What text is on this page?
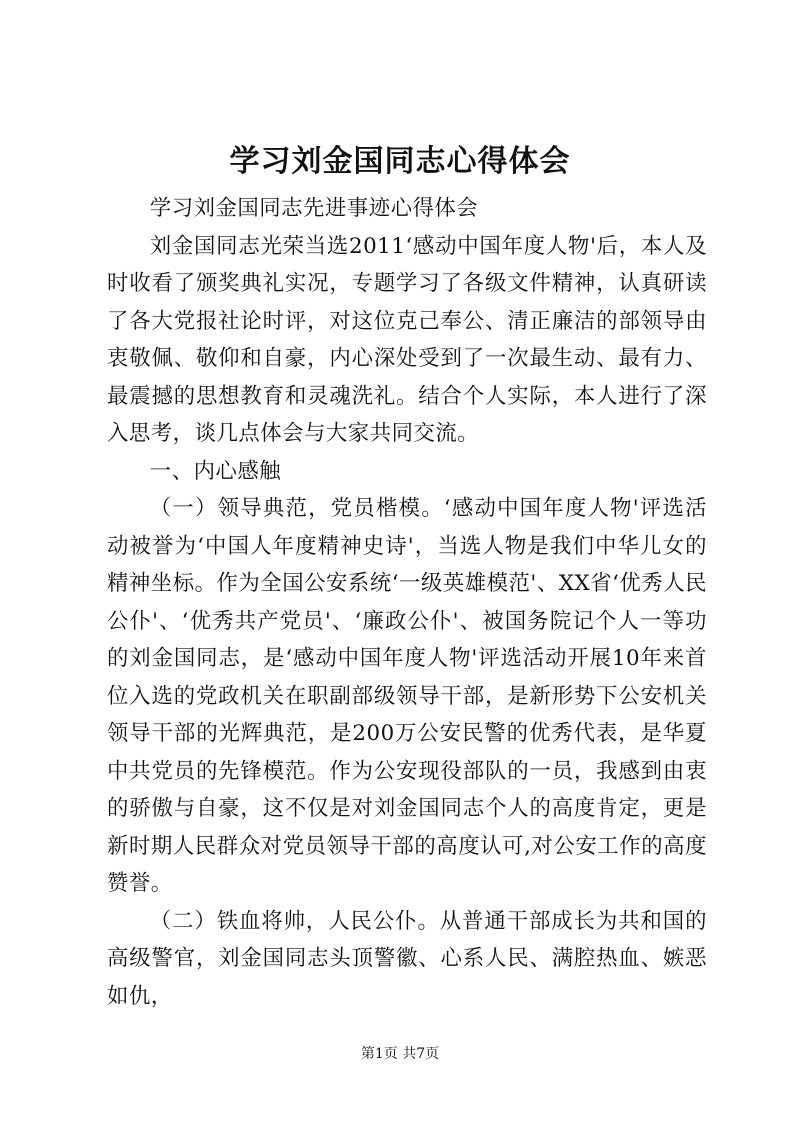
学习刘金国同志心得体会

学习刘金国同志先进事迹心得体会

刘金国同志光荣当选2011‘感动中国年度人物'后，本人及时收看了颁奖典礼实况，专题学习了各级文件精神，认真研读了各大党报社论时评，对这位克己奉公、清正廉洁的部领导由衷敬佩、敬仰和自豪，内心深处受到了一次最生动、最有力、最震撼的思想教育和灵魂洗礼。结合个人实际，本人进行了深入思考，谈几点体会与大家共同交流。

一、内心感触

（一）领导典范，党员楷模。‘感动中国年度人物'评选活动被誉为‘中国人年度精神史诗'，当选人物是我们中华儿女的精神坐标。作为全国公安系统‘一级英雄模范'、XX省‘优秀人民公仆'、‘优秀共产党员'、‘廉政公仆'、被国务院记个人一等功的刘金国同志，是‘感动中国年度人物'评选活动开展10年来首位入选的党政机关在职副部级领导干部，是新形势下公安机关领导干部的光辉典范，是200万公安民警的优秀代表，是华夏中共党员的先锋模范。作为公安现役部队的一员，我感到由衷的骄傲与自豪，这不仅是对刘金国同志个人的高度肯定，更是新时期人民群众对党员领导干部的高度认可,对公安工作的高度赞誉。

（二）铁血将帅，人民公仆。从普通干部成长为共和国的高级警官，刘金国同志头顶警徽、心系人民、满腔热血、嫉恶如仇，

第1页 共7页
